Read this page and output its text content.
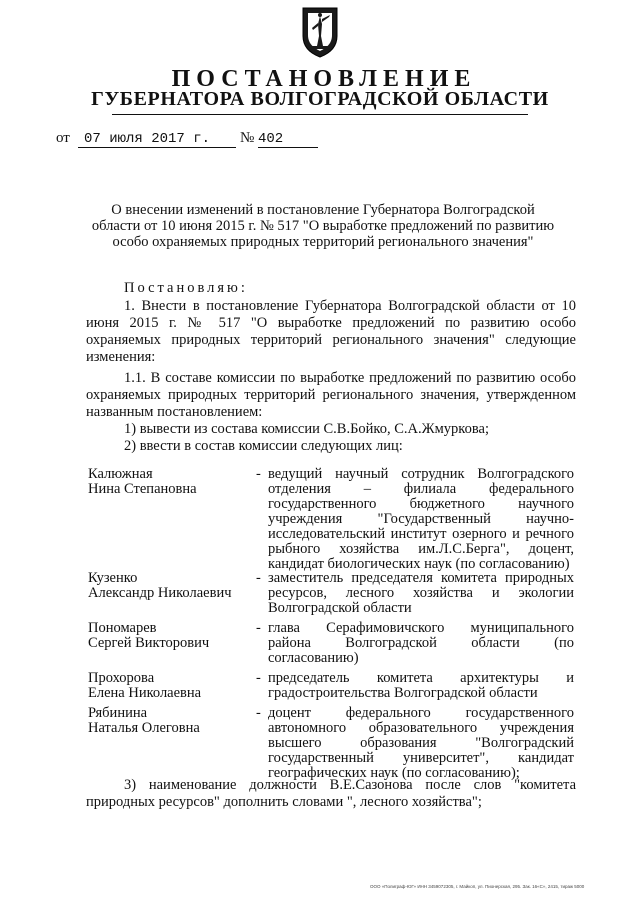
ПОСТАНОВЛЕНИЕ
ГУБЕРНАТОРА ВОЛГОГРАДСКОЙ ОБЛАСТИ
от	07 июля 2017 г.	№ 402
О внесении изменений в постановление Губернатора Волгоградской
области от 10 июня 2015 г. № 517 "О выработке предложений по развитию
особо охраняемых природных территорий регионального значения"
Постановляю:
1. Внести в постановление Губернатора Волгоградской области от 10 июня 2015 г. № 517 "О выработке предложений по развитию особо охраняемых природных территорий регионального значения" следующие изменения:
1.1. В составе комиссии по выработке предложений по развитию особо охраняемых природных территорий регионального значения, утвержденном названным постановлением:
1) вывести из состава комиссии С.В.Бойко, С.А.Жмуркова;
2) ввести в состав комиссии следующих лиц:
Калюжная
Нина Степановна
- ведущий научный сотрудник Волгоградского отделения – филиала федерального государственного бюджетного научного учреждения "Государственный научно-исследовательский институт озерного и речного рыбного хозяйства им.Л.С.Берга", доцент, кандидат биологических наук (по согласованию)
Кузенко
Александр Николаевич
- заместитель председателя комитета природных ресурсов, лесного хозяйства и экологии Волгоградской области
Пономарев
Сергей Викторович
- глава Серафимовичского муниципального района Волгоградской области (по согласованию)
Прохорова
Елена Николаевна
- председатель комитета архитектуры и градостроительства Волгоградской области
Рябинина
Наталья Олеговна
- доцент федерального государственного автономного образовательного учреждения высшего образования "Волгоградский государственный университет", кандидат географических наук (по согласованию);
3) наименование должности В.Е.Сазонова после слов "комитета природных ресурсов" дополнить словами ", лесного хозяйства";
ООО «Полиграф-ЮГ» ИНН 3459072305, г. Майкоп, ул. Пионерская, 295. Зак. 16«С», 2415, тираж 5000
